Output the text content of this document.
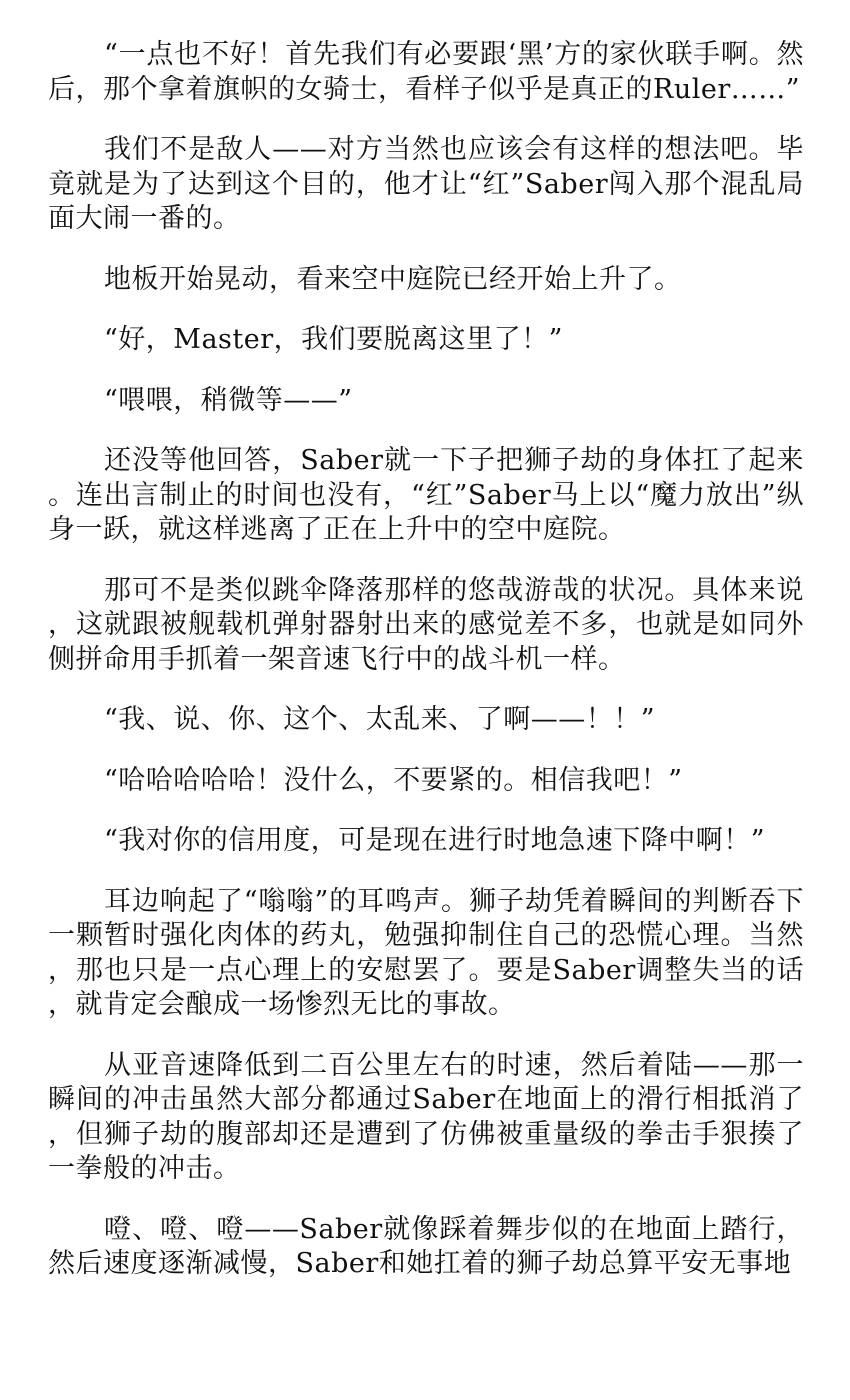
“一点也不好！首先我们有必要跟‘黑’方的家伙联手啊。然后，那个拿着旗帜的女骑士，看样子似乎是真正的Ruler……”

我们不是敌人——对方当然也应该会有这样的想法吧。毕竟就是为了达到这个目的，他才让“红”Saber闯入那个混乱局面大闹一番的。

地板开始晃动，看来空中庭院已经开始上升了。

“好，Master，我们要脱离这里了！”

“喂喂，稍微等——”

还没等他回答，Saber就一下子把狮子劫的身体扛了起来。连出言制止的时间也没有，“红”Saber马上以“魔力放出”纵身一跃，就这样逃离了正在上升中的空中庭院。

那可不是类似跳伞降落那样的悠哉游哉的状况。具体来说，这就跟被舰载机弹射器射出来的感觉差不多，也就是如同外侧拼命用手抓着一架音速飞行中的战斗机一样。

“我、说、你、这个、太乱来、了啊——！！”

“哈哈哈哈哈！没什么，不要紧的。相信我吧！”

“我对你的信用度，可是现在进行时地急速下降中啊！”

耳边响起了“嗡嗡”的耳鸣声。狮子劫凭着瞬间的判断吞下一颗暂时强化肉体的药丸，勉强抑制住自己的恐慌心理。当然，那也只是一点心理上的安慰罢了。要是Saber调整失当的话，就肯定会酿成一场惨烈无比的事故。

从亚音速降低到二百公里左右的时速，然后着陆——那一瞬间的冲击虽然大部分都通过Saber在地面上的滑行相抵消了，但狮子劫的腹部却还是遭到了仿佛被重量级的拳击手狠揍了一拳般的冲击。

噔、噔、噔——Saber就像踩着舞步似的在地面上踏行，然后速度逐渐减慢，Saber和她扛着的狮子劫总算平安无事地
